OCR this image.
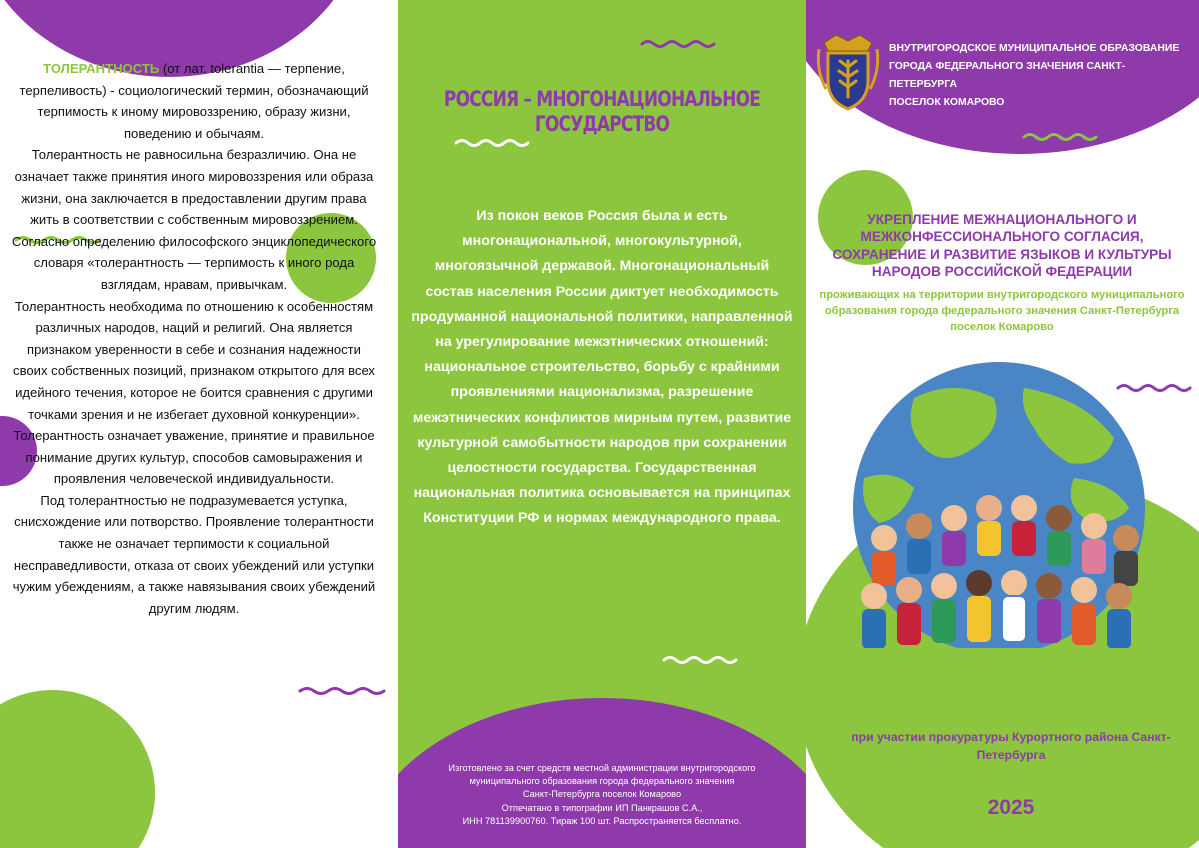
ТОЛЕРАНТНОСТЬ (от лат. tolerantia — терпение, терпеливость) - социологический термин, обозначающий терпимость к иному мировоззрению, образу жизни, поведению и обычаям.

Толерантность не равносильна безразличию. Она не означает также принятия иного мировоззрения или образа жизни, она заключается в предоставлении другим права жить в соответствии с собственным мировоззрением.

Согласно определению философского энциклопедического словаря «толерантность — терпимость к иного рода взглядам, нравам, привычкам.

Толерантность необходима по отношению к особенностям различных народов, наций и религий. Она является признаком уверенности в себе и сознания надежности своих собственных позиций, признаком открытого для всех идейного течения, которое не боится сравнения с другими точками зрения и не избегает духовной конкуренции».

Толерантность означает уважение, принятие и правильное понимание других культур, способов самовыражения и проявления человеческой индивидуальности.

Под толерантностью не подразумевается уступка, снисхождение или потворство. Проявление толерантности также не означает терпимости к социальной несправедливости, отказа от своих убеждений или уступки чужим убеждениям, а также навязывания своих убеждений другим людям.

РОССИЯ – МНОГОНАЦИОНАЛЬНОЕ ГОСУДАРСТВО
Из покон веков Россия была и есть многонациональной, многокультурной, многоязычной державой. Многонациональный состав населения России диктует необходимость продуманной национальной политики, направленной на урегулирование межэтнических отношений: национальное строительство, борьбу с крайними проявлениями национализма, разрешение межэтнических конфликтов мирным путем, развитие культурной самобытности народов при сохранении целостности государства. Государственная национальная политика основывается на принципах Конституции РФ и нормах международного права.
Изготовлено за счет средств местной администрации внутригородского
муниципального образования города федерального значения
Санкт-Петербурга поселок Комарово
Отпечатано в типографии ИП Панкрашов С.А.,
ИНН 781139900760. Тираж 100 шт. Распространяется бесплатно.
ВНУТРИГОРОДСКОЕ МУНИЦИПАЛЬНОЕ ОБРАЗОВАНИЕ
ГОРОДА ФЕДЕРАЛЬНОГО ЗНАЧЕНИЯ САНКТ-ПЕТЕРБУРГА
ПОСЕЛОК КОМАРОВО
УКРЕПЛЕНИЕ МЕЖНАЦИОНАЛЬНОГО И МЕЖКОНФЕССИОНАЛЬНОГО СОГЛАСИЯ, СОХРАНЕНИЕ И РАЗВИТИЕ ЯЗЫКОВ И КУЛЬТУРЫ НАРОДОВ РОССИЙСКОЙ ФЕДЕРАЦИИ
проживающих на территории внутригородского муниципального образования города федерального значения Санкт-Петербурга поселок Комарово
при участии прокуратуры Курортного района Санкт-Петербурга
2025
